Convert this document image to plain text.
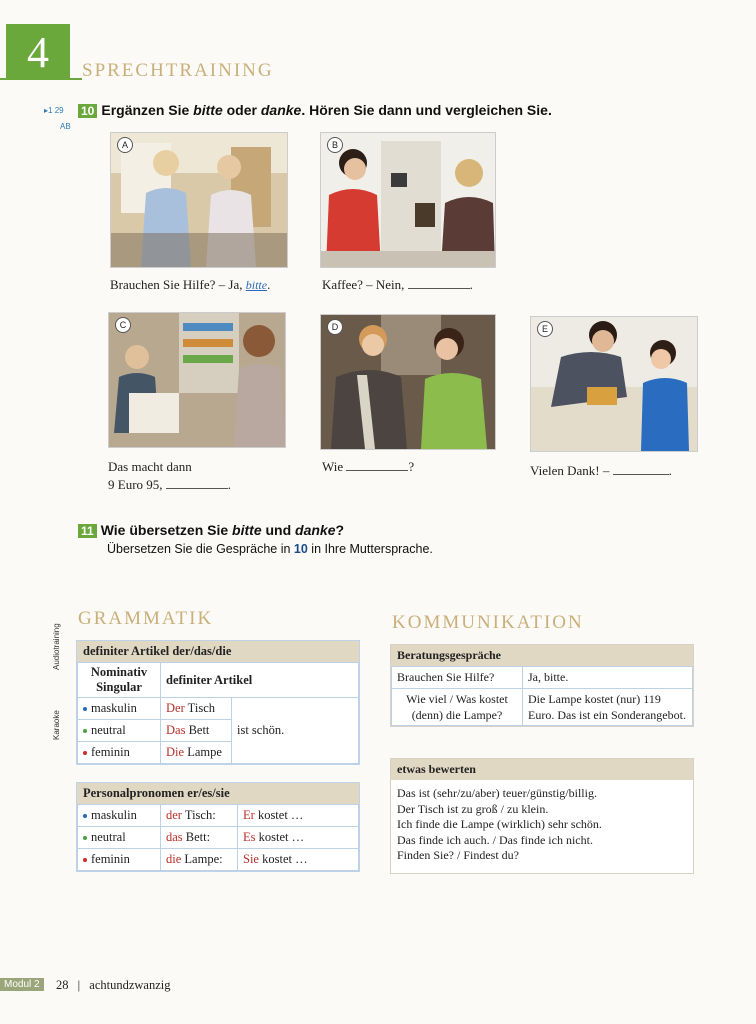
4	SPRECHTRAINING
▸1 29
AB
10 Ergänzen Sie bitte oder danke. Hören Sie dann und vergleichen Sie.
A
Brauchen Sie Hilfe? – Ja, bitte.
B
Kaffee? – Nein,	.
C
Das macht dann
9 Euro 95,	.
D
Wie	?
E
Vielen Dank! –	.
11 Wie übersetzen Sie bitte und danke?
Übersetzen Sie die Gespräche in 10 in Ihre Muttersprache.
Audiotraining
Karaoke
GRAMMATIK
definiter Artikel der/das/die
Nominativ Singular	definiter Artikel	
maskulin	Der Tisch	ist schön.
neutral	Das Bett	
feminin	Die Lampe	
Personalpronomen er/es/sie
maskulin	der Tisch:	Er kostet …
neutral	das Bett:	Es kostet …
feminin	die Lampe:	Sie kostet …
KOMMUNIKATION
Beratungsgespräche
Brauchen Sie Hilfe?	Ja, bitte.
Wie viel / Was kostet (denn) die Lampe?	Die Lampe kostet (nur) 119 Euro. Das ist ein Sonderangebot.
etwas bewerten
Das ist (sehr/zu/aber) teuer/günstig/billig.
Der Tisch ist zu groß / zu klein.
Ich finde die Lampe (wirklich) sehr schön.
Das finde ich auch. / Das finde ich nicht.
Finden Sie? / Findest du?
Modul 2	28 | achtundzwanzig
